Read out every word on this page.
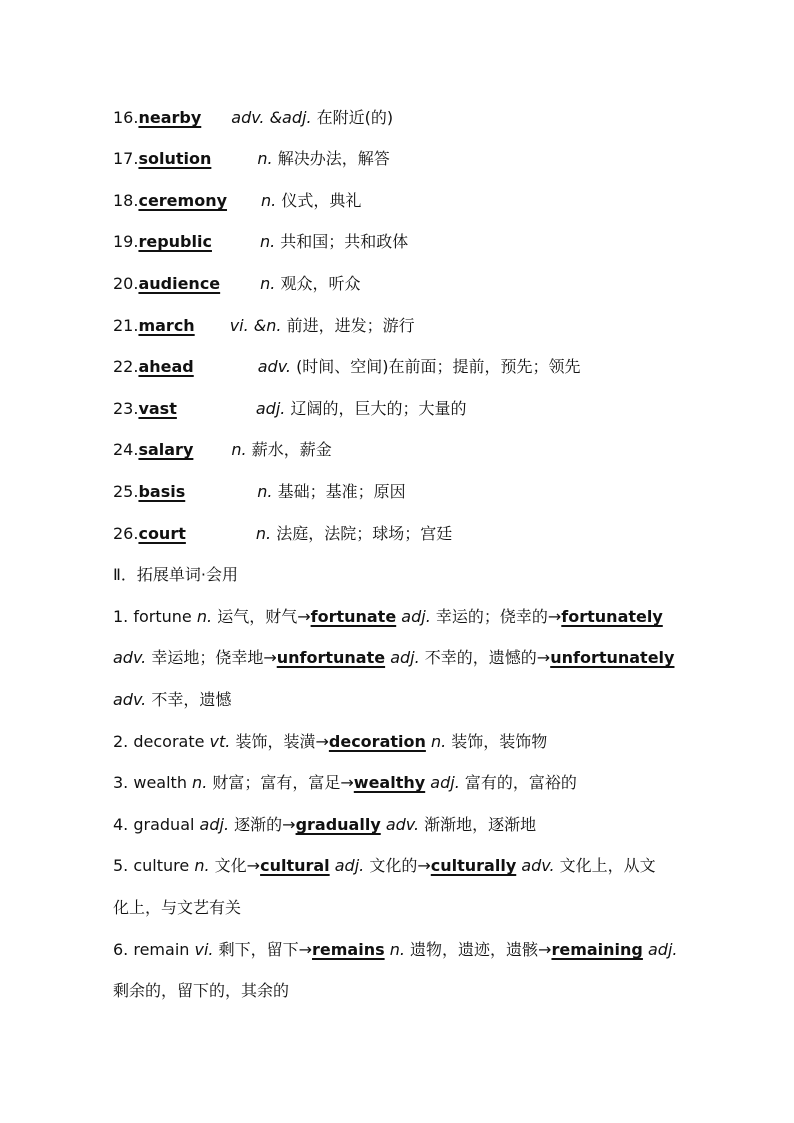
16.nearby adv. &adj. 在附近(的)
17.solution	n. 解决办法，解答
18.ceremony n. 仪式，典礼
19.republic	n. 共和国；共和政体
20.audience	n. 观众，听众
21.march vi. &n. 前进，进发；游行
22.ahead	adv. (时间、空间)在前面；提前，预先；领先
23.vast	adj. 辽阔的，巨大的；大量的
24.salary n. 薪水，薪金
25.basis	n. 基础；基准；原因
26.court	n. 法庭，法院；球场；宫廷
Ⅱ．拓展单词·会用
1. fortune n. 运气，财气→fortunate adj. 幸运的；侥幸的→fortunately
adv. 幸运地；侥幸地→unfortunate adj. 不幸的，遗憾的→unfortunately
adv. 不幸，遗憾
2. decorate vt. 装饰，装潢→decoration n. 装饰，装饰物
3. wealth n. 财富；富有，富足→wealthy adj. 富有的，富裕的
4. gradual adj. 逐渐的→gradually adv. 渐渐地，逐渐地
5. culture n. 文化→cultural adj. 文化的→culturally adv. 文化上，从文
化上，与文艺有关
6. remain vi. 剩下，留下→remains n. 遗物，遗迹，遗骸→remaining adj.
剩余的，留下的，其余的
